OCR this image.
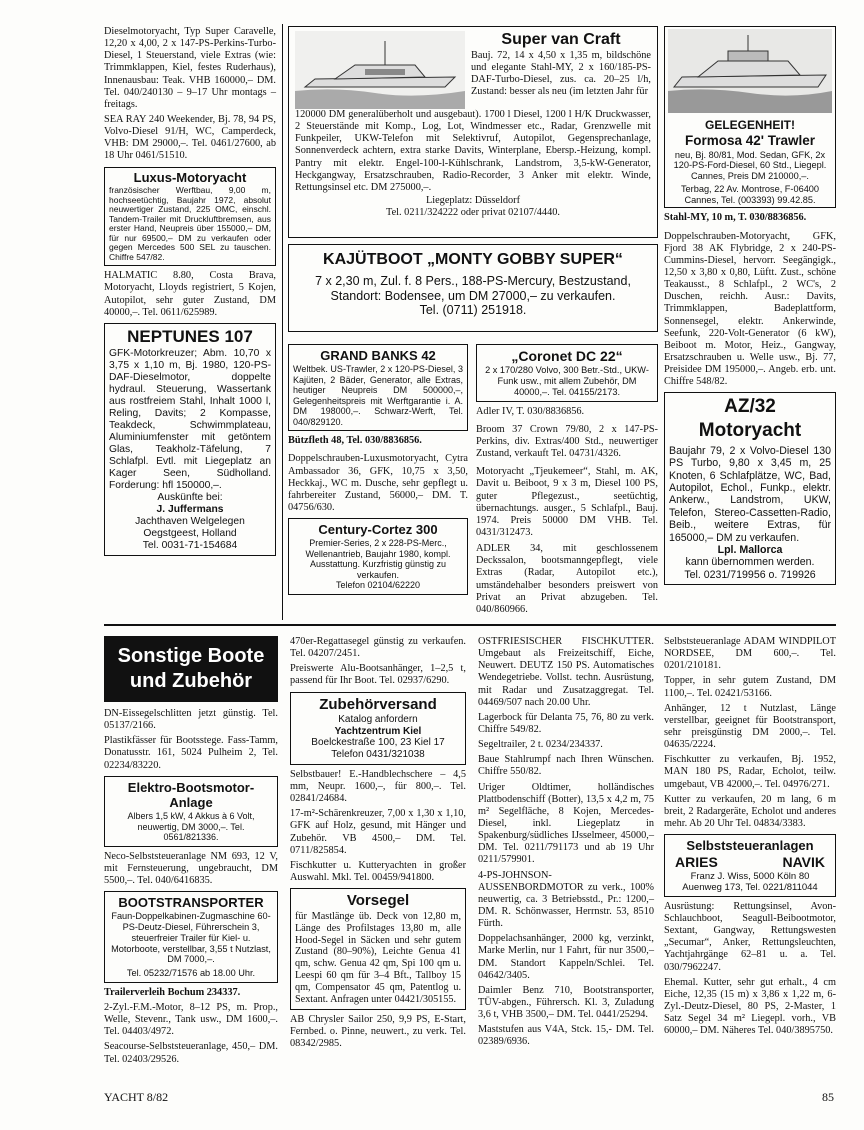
Dieselmotoryacht, Typ Super Caravelle, 12,20 x 4,00, 2 x 147-PS-Perkins-Turbo-Diesel, 1 Steuerstand, viele Extras (wie: Trimmklappen, Kiel, festes Ruderhaus), Innenausbau: Teak. VHB 160000,– DM. Tel. 040/240130 – 9–17 Uhr montags – freitags.

SEA RAY 240 Weekender, Bj. 78, 94 PS, Volvo-Diesel 91/H, WC, Camperdeck, VHB: DM 29000,–. Tel. 0461/27600, ab 18 Uhr 0461/51510.

Luxus-Motoryacht

französischer Werftbau, 9,00 m, hochseetüchtig, Baujahr 1972, absolut neuwertiger Zustand, 225 OMC, einschl. Tandem-Trailer mit Druckluftbremsen, aus erster Hand, Neupreis über 155000,– DM, für nur 69500,– DM zu verkaufen oder gegen Mercedes 500 SEL zu tauschen. Chiffre 547/82.

HALMATIC 8.80, Costa Brava, Motoryacht, Lloyds registriert, 5 Kojen, Autopilot, sehr guter Zustand, DM 40000,–. Tel. 0611/625989.

NEPTUNES 107

GFK-Motorkreuzer; Abm. 10,70 x 3,75 x 1,10 m, Bj. 1980, 120-PS-DAF-Dieselmotor, doppelte hydraul. Steuerung, Wassertank aus rostfreiem Stahl, Inhalt 1000 l, Reling, Davits; 2 Kompasse, Teakdeck, Schwimmplateau, Aluminiumfenster mit getöntem Glas, Teakholz-Täfelung, 7 Schlafpl. Evtl. mit Liegeplatz an Kager Seen, Südholland. Forderung: hfl 150000,–.

Auskünfte bei:

J. Juffermans

Jachthaven Welgelegen

Oegstgeest, Holland

Tel. 0031-71-154684

Super van Craft

Bauj. 72, 14 x 4,50 x 1,35 m, bildschöne und elegante Stahl-MY, 2 x 160/185-PS-DAF-Turbo-Diesel, zus. ca. 20–25 l/h, Zustand: besser als neu (im letzten Jahr für

120000 DM generalüberholt und ausgebaut). 1700 l Diesel, 1200 l H/K Druckwasser, 2 Steuerstände mit Komp., Log, Lot, Windmesser etc., Radar, Grenzwelle mit Funkpeiler, UKW-Telefon mit Selektivruf, Autopilot, Gegensprechanlage, Sonnenverdeck achtern, extra starke Davits, Winterplane, Ebersp.-Heizung, kompl. Pantry mit elektr. Engel-100-l-Kühlschrank, Landstrom, 3,5-kW-Generator, Heckgangway, Ersatzschrauben, Radio-Recorder, 3 Anker mit elektr. Winde, Rettungsinsel etc. DM 275000,–.

Liegeplatz: Düsseldorf

Tel. 0211/324222 oder privat 02107/4440.

KAJÜTBOOT „MONTY GOBBY SUPER“

7 x 2,30 m, Zul. f. 8 Pers., 188-PS-Mercury, Bestzustand,

Standort: Bodensee, um DM 27000,– zu verkaufen.

Tel. (0711) 251918.

GRAND BANKS 42

Weltbek. US-Trawler, 2 x 120-PS-Diesel, 3 Kajüten, 2 Bäder, Generator, alle Extras, heutiger Neupreis DM 500000,–, Gelegenheitspreis mit Werftgarantie i. A. DM 198000,–. Schwarz-Werft, Tel. 040/829120.

Bützfleth 48, Tel. 030/8836856.

Doppelschrauben-Luxusmotoryacht, Cytra Ambassador 36, GFK, 10,75 x 3,50, Heckkaj., WC m. Dusche, sehr gepflegt u. fahrbereiter Zustand, 56000,– DM. T. 04756/630.

Century-Cortez 300

Premier-Series, 2 x 228-PS-Merc., Wellenantrieb, Baujahr 1980, kompl. Ausstattung. Kurzfristig günstig zu verkaufen.

Telefon 02104/62220

„Coronet DC 22“

2 x 170/280 Volvo, 300 Betr.-Std., UKW-Funk usw., mit allem Zubehör, DM 40000,–. Tel. 04155/2173.

Adler IV, T. 030/8836856.

Broom 37 Crown 79/80, 2 x 147-PS-Perkins, div. Extras/400 Std., neuwertiger Zustand, verkauft Tel. 04731/4326.

Motoryacht „Tjeukemeer“, Stahl, m. AK, Davit u. Beiboot, 9 x 3 m, Diesel 100 PS, guter Pflegezust., seetüchtig, übernachtungs. ausger., 5 Schlafpl., Bauj. 1974. Preis 50000 DM VHB. Tel. 0431/312473.

ADLER 34, mit geschlossenem Deckssalon, bootsmanngepflegt, viele Extras (Radar, Autopilot etc.), umständehalber besonders preiswert von Privat an Privat abzugeben. Tel. 040/860966.

GELEGENHEIT!
Formosa 42' Trawler

neu, Bj. 80/81, Mod. Sedan, GFK, 2x 120-PS-Ford-Diesel, 60 Std., Liegepl. Cannes, Preis DM 210000,–.

Terbag, 22 Av. Montrose, F-06400 Cannes, Tel. (003393) 99.42.85.

Stahl-MY, 10 m, T. 030/8836856.

Doppelschrauben-Motoryacht, GFK, Fjord 38 AK Flybridge, 2 x 240-PS-Cummins-Diesel, hervorr. Seegängigk., 12,50 x 3,80 x 0,80, Lüftt. Zust., schöne Teakausst., 8 Schlafpl., 2 WC's, 2 Duschen, reichh. Ausr.: Davits, Trimmklappen, Badeplattform, Sonnensegel, elektr. Ankerwinde, Seefunk, 220-Volt-Generator (6 kW), Beiboot m. Motor, Heiz., Gangway, Ersatzschrauben u. Welle usw., Bj. 77, Preisidee DM 195000,–. Angeb. erb. unt. Chiffre 548/82.

AZ/32
Motoryacht

Baujahr 79, 2 x Volvo-Diesel 130 PS Turbo, 9,80 x 3,45 m, 25 Knoten, 6 Schlafplätze, WC, Bad, Autopilot, Echol., Funkp., elektr. Ankerw., Landstrom, UKW, Telefon, Stereo-Cassetten-Radio, Beib., weitere Extras, für 165000,– DM zu verkaufen.

Lpl. Mallorca

kann übernommen werden.

Tel. 0231/719956 o. 719926

Sonstige Boote
und Zubehör

DN-Eissegelschlitten jetzt günstig. Tel. 05137/2166.

Plastikfässer für Bootsstege. Fass-Tamm, Donatusstr. 161, 5024 Pulheim 2, Tel. 02234/83220.

Elektro-Bootsmotor-Anlage

Albers 1,5 kW, 4 Akkus à 6 Volt, neuwertig, DM 3000,–. Tel. 0561/821336.

Neco-Selbststeueranlage NM 693, 12 V, mit Fernsteuerung, ungebraucht, DM 5500,–. Tel. 040/6416835.

BOOTSTRANSPORTER

Faun-Doppelkabinen-Zugmaschine 60-PS-Deutz-Diesel, Führerschein 3, steuerfreier Trailer für Kiel- u. Motorboote, verstellbar, 3,55 t Nutzlast, DM 7000,–.

Tel. 05232/71576 ab 18.00 Uhr.

Trailerverleih Bochum 234337.

2-Zyl.-F.M.-Motor, 8–12 PS, m. Prop., Welle, Stevenr., Tank usw., DM 1600,–. Tel. 04403/4972.

Seacourse-Selbststeueranlage, 450,– DM. Tel. 02403/29526.

470er-Regattasegel günstig zu verkaufen. Tel. 04207/2451.

Preiswerte Alu-Bootsanhänger, 1–2,5 t, passend für Ihr Boot. Tel. 02937/6290.

Zubehörversand

Katalog anfordern

Yachtzentrum Kiel

Boelckestraße 100, 23 Kiel 17

Telefon 0431/321038

Selbstbauer! E.-Handblechschere – 4,5 mm, Neupr. 1600,–, für 800,–. Tel. 02841/24684.

17-m²-Schärenkreuzer, 7,00 x 1,30 x 1,10, GFK auf Holz, gesund, mit Hänger und Zubehör. VB 4500,– DM. Tel. 0711/825854.

Fischkutter u. Kutteryachten in großer Auswahl. Mkl. Tel. 00459/941800.

Vorsegel

für Mastlänge üb. Deck von 12,80 m, Länge des Profilstages 13,80 m, alle Hood-Segel in Säcken und sehr gutem Zustand (80–90%), Leichte Genua 41 qm, schw. Genua 42 qm, Spi 100 qm u. Leespi 60 qm für 3–4 Bft., Tallboy 15 qm, Compensator 45 qm, Patentlog u. Sextant. Anfragen unter 04421/305155.

AB Chrysler Sailor 250, 9,9 PS, E-Start, Fernbed. o. Pinne, neuwert., zu verk. Tel. 08342/2985.

OSTFRIESISCHER FISCHKUTTER. Umgebaut als Freizeitschiff, Eiche, Neuwert. DEUTZ 150 PS. Automatisches Wendegetriebe. Vollst. techn. Ausrüstung, mit Radar und Zusatzaggregat. Tel. 04469/507 nach 20.00 Uhr.

Lagerbock für Delanta 75, 76, 80 zu verk. Chiffre 549/82.

Segeltrailer, 2 t. 0234/234337.

Baue Stahlrumpf nach Ihren Wünschen. Chiffre 550/82.

Uriger Oldtimer, holländisches Plattbodenschiff (Botter), 13,5 x 4,2 m, 75 m² Segelfläche, 8 Kojen, Mercedes-Diesel, inkl. Liegeplatz in Spakenburg/südliches IJsselmeer, 45000,– DM. Tel. 0211/791173 und ab 19 Uhr 0211/579901.

4-PS-JOHNSON-AUSSENBORDMOTOR zu verk., 100% neuwertig, ca. 3 Betriebsstd., Pr.: 1200,– DM. R. Schönwasser, Herrnstr. 53, 8510 Fürth.

Doppelachsanhänger, 2000 kg, verzinkt, Marke Merlin, nur 1 Fahrt, für nur 3500,– DM. Standort Kappeln/Schlei. Tel. 04642/3405.

Daimler Benz 710, Bootstransporter, TÜV-abgen., Führersch. Kl. 3, Zuladung 3,6 t, VHB 3500,– DM. Tel. 0441/25294.

Maststufen aus V4A, Stck. 15,- DM. Tel. 02389/6936.

Selbststeueranlage ADAM WINDPILOT NORDSEE, DM 600,–. Tel. 0201/210181.

Topper, in sehr gutem Zustand, DM 1100,–. Tel. 02421/53166.

Anhänger, 12 t Nutzlast, Länge verstellbar, geeignet für Bootstransport, sehr preisgünstig DM 2000,–. Tel. 04635/2224.

Fischkutter zu verkaufen, Bj. 1952, MAN 180 PS, Radar, Echolot, teilw. umgebaut, VB 42000,–. Tel. 04976/271.

Kutter zu verkaufen, 20 m lang, 6 m breit, 2 Radargeräte, Echolot und anderes mehr. Ab 20 Uhr Tel. 04834/3383.

Selbststeueranlagen
ARIES	NAVIK

Franz J. Wiss, 5000 Köln 80

Auenweg 173, Tel. 0221/811044

Ausrüstung: Rettungsinsel, Avon-Schlauchboot, Seagull-Beibootmotor, Sextant, Gangway, Rettungswesten „Secumar“, Anker, Rettungsleuchten, Yachtjahrgänge 62–81 u. a. Tel. 030/7962247.

Ehemal. Kutter, sehr gut erhalt., 4 cm Eiche, 12,35 (15 m) x 3,86 x 1,22 m, 6-Zyl.-Deutz-Diesel, 80 PS, 2-Master, 1 Satz Segel 34 m² Liegepl. vorh., VB 60000,– DM. Näheres Tel. 040/3895750.

YACHT 8/82	85
